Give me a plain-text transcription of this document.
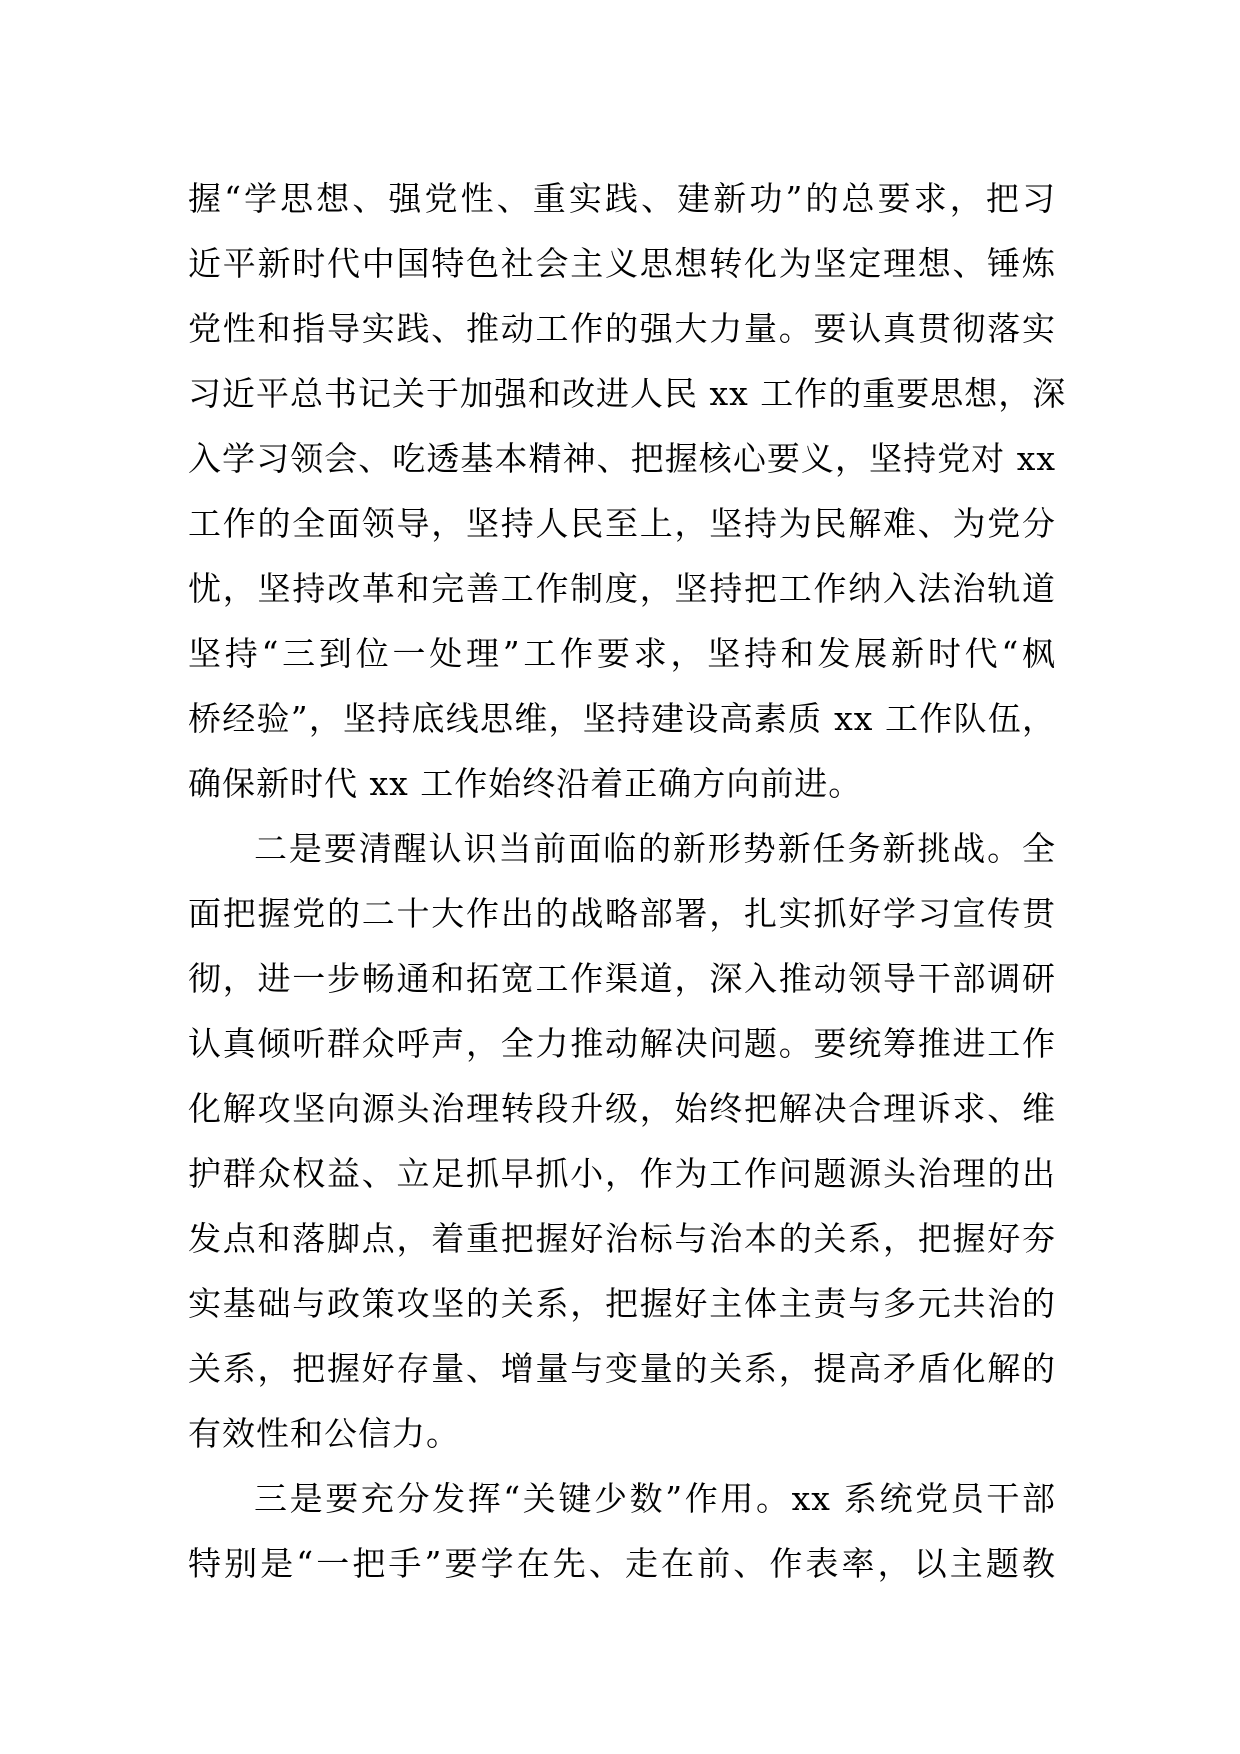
握“学思想、强党性、重实践、建新功”的总要求，把习
近平新时代中国特色社会主义思想转化为坚定理想、锤炼
党性和指导实践、推动工作的强大力量。要认真贯彻落实
习近平总书记关于加强和改进人民 xx 工作的重要思想，深
入学习领会、吃透基本精神、把握核心要义，坚持党对 xx
工作的全面领导，坚持人民至上，坚持为民解难、为党分
忧，坚持改革和完善工作制度，坚持把工作纳入法治轨道
坚持“三到位一处理”工作要求，坚持和发展新时代“枫
桥经验”，坚持底线思维，坚持建设高素质 xx 工作队伍，
确保新时代 xx 工作始终沿着正确方向前进。
二是要清醒认识当前面临的新形势新任务新挑战。全
面把握党的二十大作出的战略部署，扎实抓好学习宣传贯
彻，进一步畅通和拓宽工作渠道，深入推动领导干部调研
认真倾听群众呼声，全力推动解决问题。要统筹推进工作
化解攻坚向源头治理转段升级，始终把解决合理诉求、维
护群众权益、立足抓早抓小，作为工作问题源头治理的出
发点和落脚点，着重把握好治标与治本的关系，把握好夯
实基础与政策攻坚的关系，把握好主体主责与多元共治的
关系，把握好存量、增量与变量的关系，提高矛盾化解的
有效性和公信力。
三是要充分发挥“关键少数”作用。xx 系统党员干部
特别是“一把手”要学在先、走在前、作表率，以主题教
